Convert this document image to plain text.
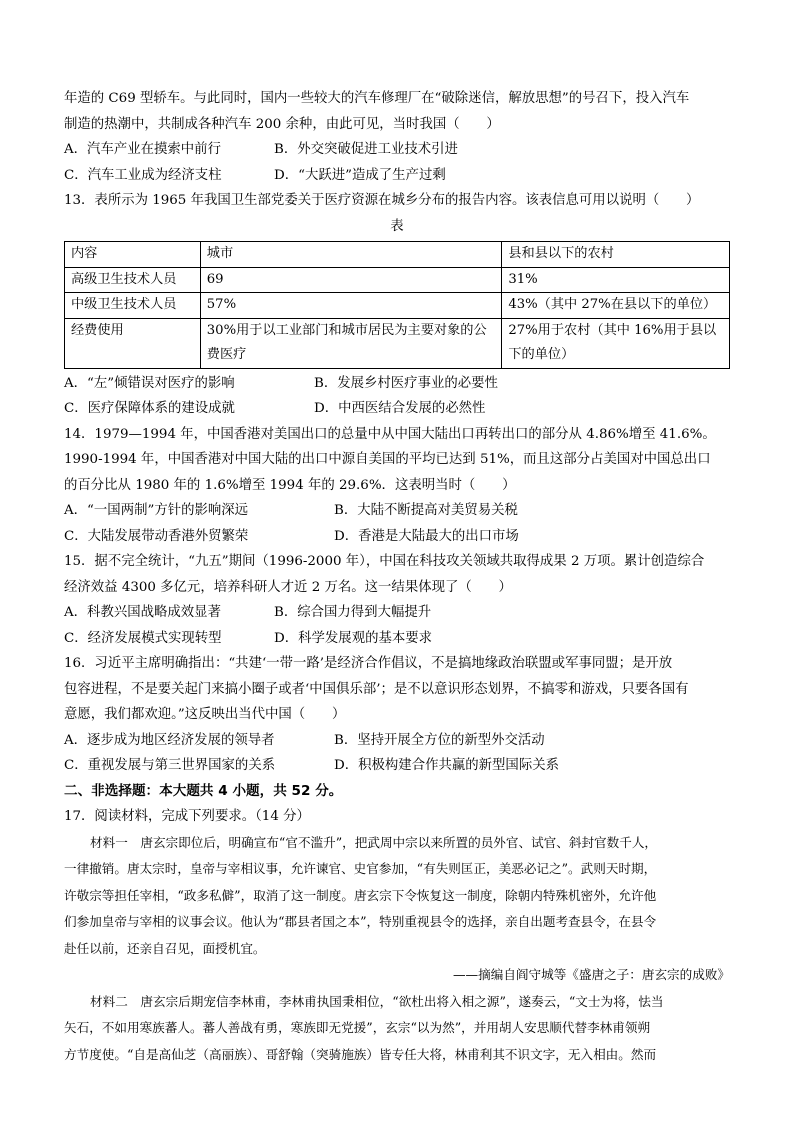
年造的 C69 型轿车。与此同时，国内一些较大的汽车修理厂在“破除迷信，解放思想”的号召下，投入汽车
制造的热潮中，共制成各种汽车 200 余种，由此可见，当时我国（　　）
A．汽车产业在摸索中前行	B．外交突破促进工业技术引进
C．汽车工业成为经济支柱	D．“大跃进”造成了生产过剩
13．表所示为 1965 年我国卫生部党委关于医疗资源在城乡分布的报告内容。该表信息可用以说明（　　）
表
内容	城市	县和县以下的农村
高级卫生技术人员	69	31%
中级卫生技术人员	57%	43%（其中 27%在县以下的单位）
经费使用	30%用于以工业部门和城市居民为主要对象的公费医疗	27%用于农村（其中 16%用于县以下的单位）
A．“左”倾错误对医疗的影响	B．发展乡村医疗事业的必要性
C．医疗保障体系的建设成就	D．中西医结合发展的必然性
14．1979—1994 年，中国香港对美国出口的总量中从中国大陆出口再转出口的部分从 4.86%增至 41.6%。
1990-1994 年，中国香港对中国大陆的出口中源自美国的平均已达到 51%，而且这部分占美国对中国总出口
的百分比从 1980 年的 1.6%增至 1994 年的 29.6%．这表明当时（　　）
A．“一国两制”方针的影响深远	B．大陆不断提高对美贸易关税
C．大陆发展带动香港外贸繁荣	D．香港是大陆最大的出口市场
15．据不完全统计，“九五”期间（1996-2000 年），中国在科技攻关领域共取得成果 2 万项。累计创造综合
经济效益 4300 多亿元，培养科研人才近 2 万名。这一结果体现了（　　）
A．科教兴国战略成效显著	B．综合国力得到大幅提升
C．经济发展模式实现转型	D．科学发展观的基本要求
16．习近平主席明确指出：“共建‘一带一路’是经济合作倡议，不是搞地缘政治联盟或军事同盟；是开放
包容进程，不是要关起门来搞小圈子或者‘中国俱乐部’；是不以意识形态划界，不搞零和游戏，只要各国有
意愿，我们都欢迎。”这反映出当代中国（　　）
A．逐步成为地区经济发展的领导者	B．坚持开展全方位的新型外交活动
C．重视发展与第三世界国家的关系	D．积极构建合作共赢的新型国际关系
二、非选择题：本大题共 4 小题，共 52 分。
17．阅读材料，完成下列要求。（14 分）
材料一　唐玄宗即位后，明确宣布“官不滥升”，把武周中宗以来所置的员外官、试官、斜封官数千人，
一律撤销。唐太宗时，皇帝与宰相议事，允许谏官、史官参加，“有失则匡正，美恶必记之”。武则天时期，
许敬宗等担任宰相，“政多私僻”，取消了这一制度。唐玄宗下令恢复这一制度，除朝内特殊机密外，允许他
们参加皇帝与宰相的议事会议。他认为“郡县者国之本”，特别重视县令的选择，亲自出题考查县令，在县令
赴任以前，还亲自召见，面授机宜。
——摘编自阎守城等《盛唐之子：唐玄宗的成败》
材料二　唐玄宗后期宠信李林甫，李林甫执国秉相位，“欲杜出将入相之源”，遂奏云，“文士为将，怯当
矢石，不如用寒族蕃人。蕃人善战有勇，寒族即无党援”，玄宗“以为然”，并用胡人安思顺代替李林甫领朔
方节度使。“自是高仙芝（高丽族）、哥舒翰（突骑施族）皆专任大将，林甫利其不识文字，无入相由。然而
